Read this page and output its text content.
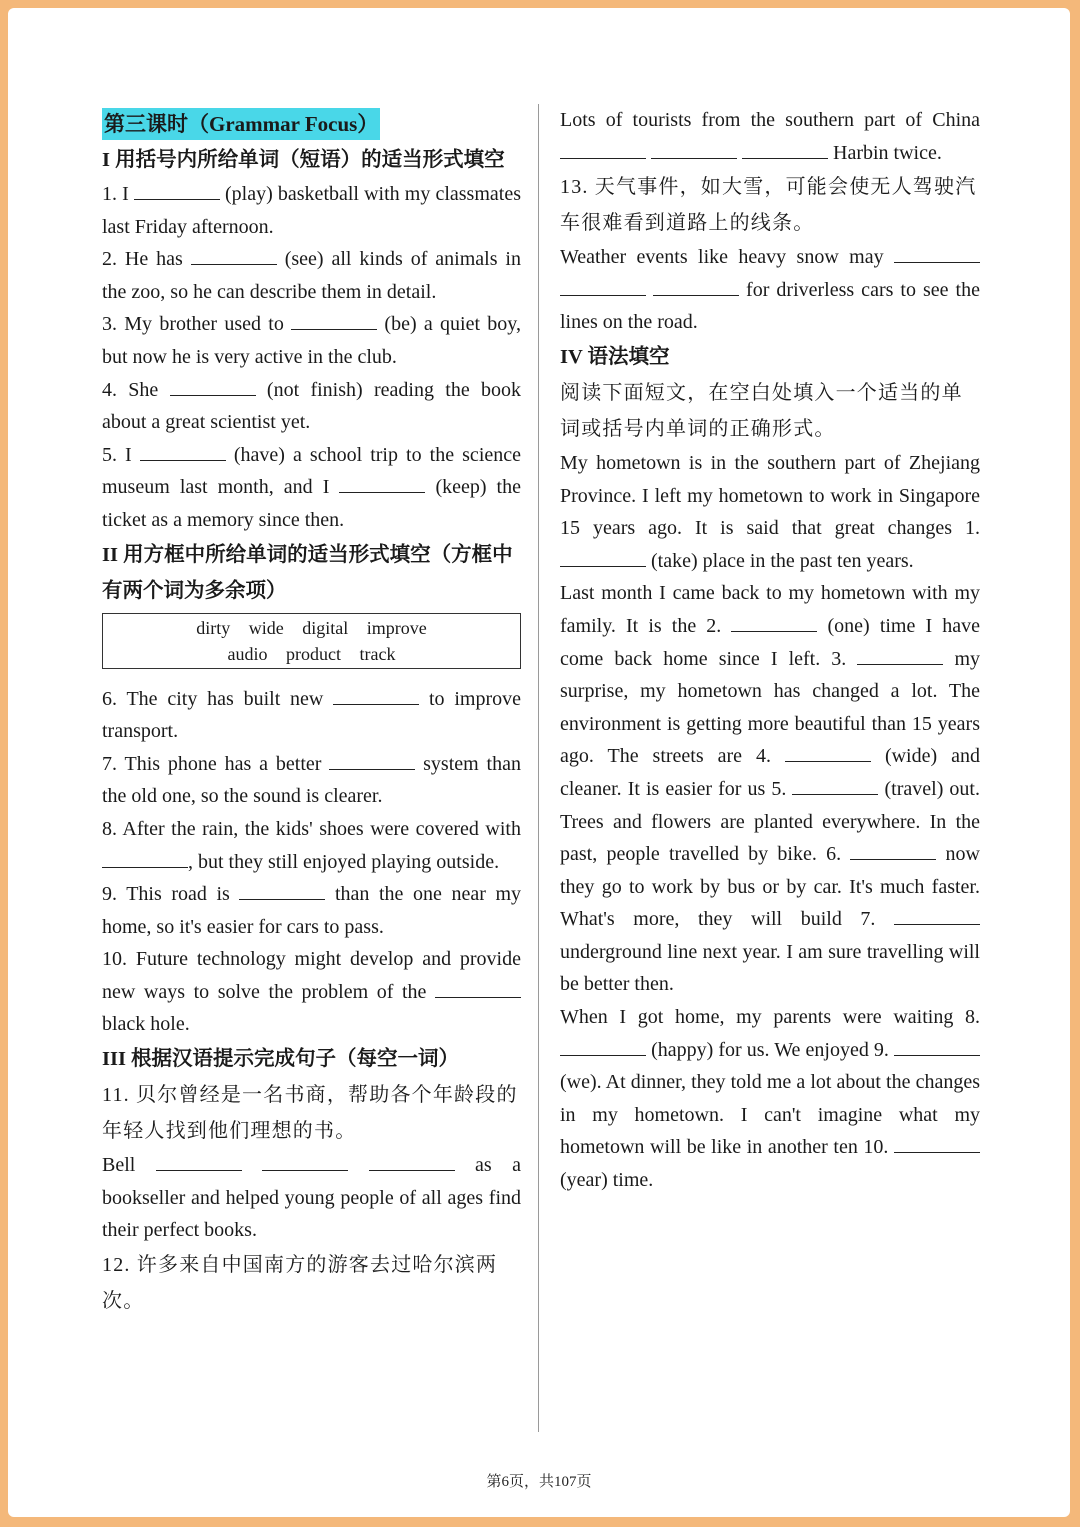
第三课时（Grammar Focus）

I 用括号内所给单词（短语）的适当形式填空

1. I	(play) basketball with my classmates last Friday afternoon.

2. He has	(see) all kinds of animals in the zoo, so he can describe them in detail.

3. My brother used to	(be) a quiet boy, but now he is very active in the club.

4. She	(not finish) reading the book about a great scientist yet.

5. I	(have) a school trip to the science museum last month, and I	(keep) the ticket as a memory since then.

II 用方框中所给单词的适当形式填空（方框中有两个词为多余项）

dirty wide digital improve
audio product track

6. The city has built new	to improve transport.

7. This phone has a better	system than the old one, so the sound is clearer.

8. After the rain, the kids' shoes were covered with , but they still enjoyed playing outside.

9. This road is	than the one near my home, so it's easier for cars to pass.

10. Future technology might develop and provide new ways to solve the problem of the  black hole.

III 根据汉语提示完成句子（每空一词）

11. 贝尔曾经是一名书商，帮助各个年龄段的年轻人找到他们理想的书。

Bell	as a bookseller and helped young people of all ages find their perfect books.

12. 许多来自中国南方的游客去过哈尔滨两次。

Lots of tourists from the southern part of China    Harbin twice.

13. 天气事件，如大雪，可能会使无人驾驶汽车很难看到道路上的线条。

Weather events like heavy snow may    for driverless cars to see the lines on the road.

IV 语法填空

阅读下面短文，在空白处填入一个适当的单词或括号内单词的正确形式。

My hometown is in the southern part of Zhejiang Province. I left my hometown to work in Singapore 15 years ago. It is said that great changes 1.  (take) place in the past ten years.

Last month I came back to my hometown with my family. It is the 2.	(one) time I have come back home since I left. 3.	my surprise, my hometown has changed a lot. The environment is getting more beautiful than 15 years ago. The streets are 4.	(wide) and cleaner. It is easier for us 5.	(travel) out. Trees and flowers are planted everywhere. In the past, people travelled by bike. 6.	now they go to work by bus or by car. It's much faster. What's more, they will build 7.  underground line next year. I am sure travelling will be better then.

When I got home, my parents were waiting 8.  (happy) for us. We enjoyed 9.  (we). At dinner, they told me a lot about the changes in my hometown. I can't imagine what my hometown will be like in another ten 10.  (year) time.

第6页，共107页
